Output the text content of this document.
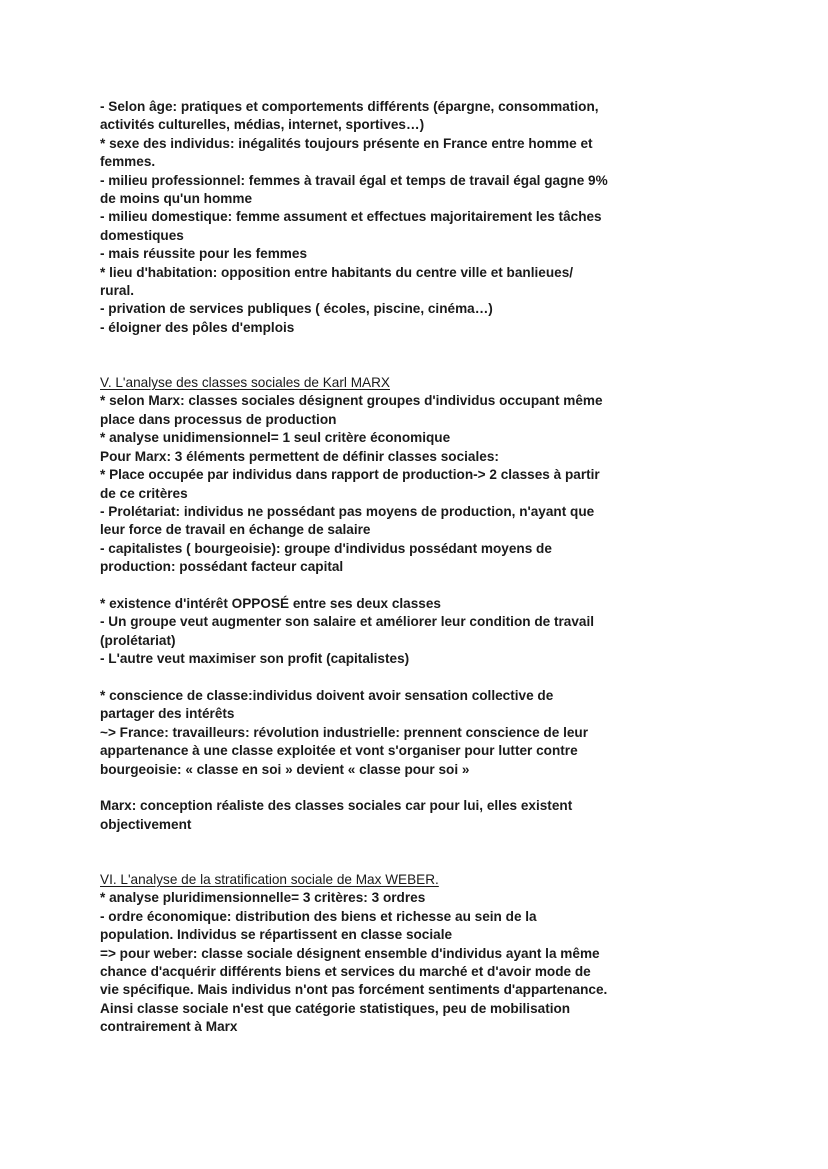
- Selon âge: pratiques et comportements différents (épargne, consommation,
activités culturelles, médias, internet, sportives…)
* sexe des individus: inégalités toujours présente en France entre homme et
femmes.
- milieu professionnel: femmes à travail égal et temps de travail égal gagne 9%
de moins qu'un homme
- milieu domestique: femme assument et effectues majoritairement les tâches
domestiques
- mais réussite pour les femmes
* lieu d'habitation: opposition entre habitants du centre ville et banlieues/
rural.
- privation de services publiques ( écoles, piscine, cinéma…)
- éloigner des pôles d'emplois
V. L'analyse des classes sociales de Karl MARX
* selon Marx: classes sociales désignent groupes d'individus occupant même
place dans processus de production
* analyse unidimensionnel= 1 seul critère économique
Pour Marx: 3 éléments permettent de définir classes sociales:
* Place occupée par individus dans rapport de production-> 2 classes à partir
de ce critères
- Prolétariat: individus ne possédant pas moyens de production, n'ayant que
leur force de travail en échange de salaire
- capitalistes ( bourgeoisie): groupe d'individus possédant moyens de
production: possédant facteur capital
* existence d'intérêt OPPOSÉ entre ses deux classes
- Un groupe veut augmenter son salaire et améliorer leur condition de travail
(prolétariat)
- L'autre veut maximiser son profit (capitalistes)
* conscience de classe:individus doivent avoir sensation collective de
partager des intérêts
~> France: travailleurs: révolution industrielle: prennent conscience de leur
appartenance à une classe exploitée et vont s'organiser pour lutter contre
bourgeoisie: « classe en soi » devient « classe pour soi »
Marx: conception réaliste des classes sociales car pour lui, elles existent
objectivement
VI. L'analyse de la stratification sociale de Max WEBER.
* analyse pluridimensionnelle= 3 critères: 3 ordres
- ordre économique: distribution des biens et richesse au sein de la
population. Individus se répartissent en classe sociale
=> pour weber: classe sociale désignent ensemble d'individus ayant la même
chance d'acquérir différents biens et services du marché et d'avoir mode de
vie spécifique. Mais individus n'ont pas forcément sentiments d'appartenance.
Ainsi classe sociale n'est que catégorie statistiques, peu de mobilisation
contrairement à Marx
